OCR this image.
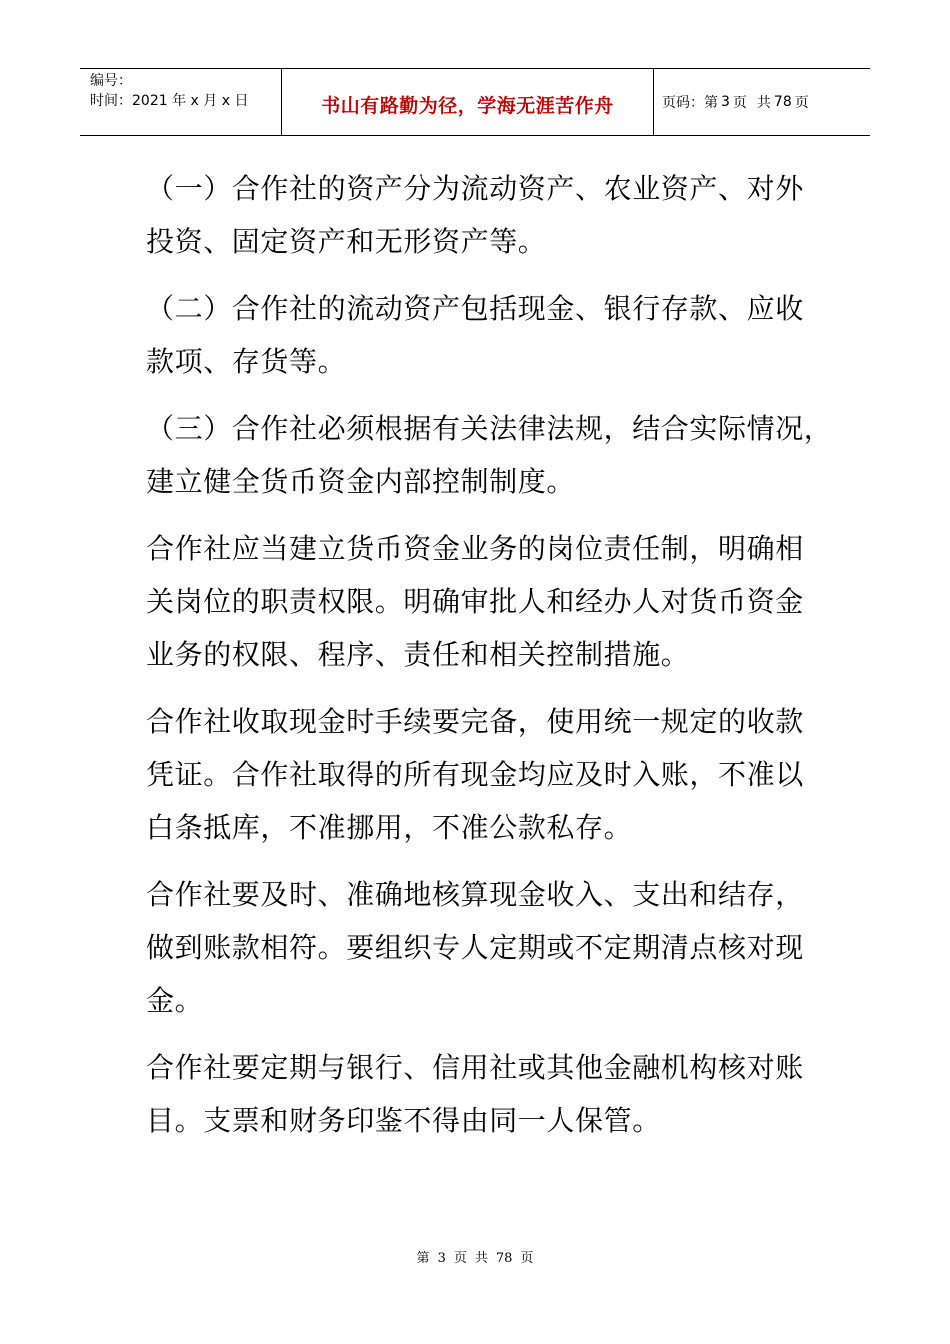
编号：
时间：2021 年 x 月 x 日	书山有路勤为径，学海无涯苦作舟	页码：第 3 页 共 78 页
（一）合作社的资产分为流动资产、农业资产、对外
投资、固定资产和无形资产等。
（二）合作社的流动资产包括现金、银行存款、应收
款项、存货等。
（三）合作社必须根据有关法律法规，结合实际情况，
建立健全货币资金内部控制制度。
合作社应当建立货币资金业务的岗位责任制，明确相
关岗位的职责权限。明确审批人和经办人对货币资金
业务的权限、程序、责任和相关控制措施。
合作社收取现金时手续要完备，使用统一规定的收款
凭证。合作社取得的所有现金均应及时入账，不准以
白条抵库，不准挪用，不准公款私存。
合作社要及时、准确地核算现金收入、支出和结存，
做到账款相符。要组织专人定期或不定期清点核对现
金。
合作社要定期与银行、信用社或其他金融机构核对账
目。支票和财务印鉴不得由同一人保管。
第 3 页 共 78 页
